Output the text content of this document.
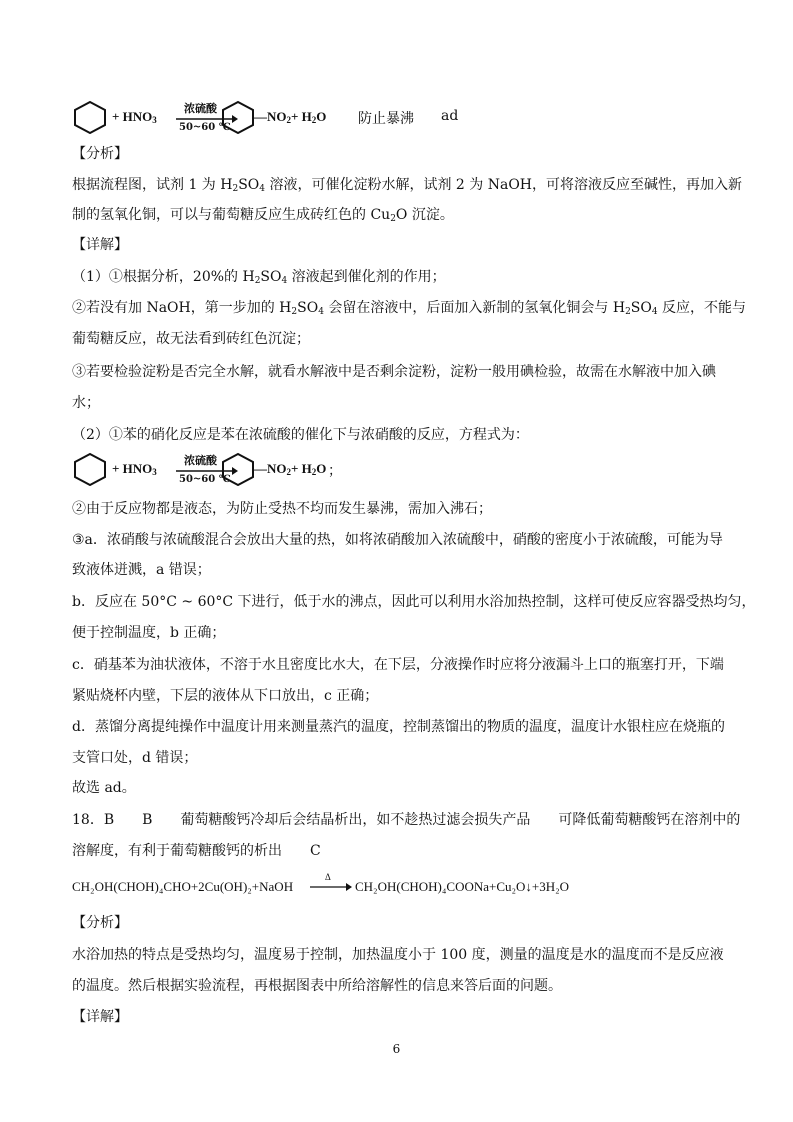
+ $HNO_3$
浓硫酸
50~60 ℃
$—NO_2+ H_2O$ 防止暴沸 ad
【分析】
根据流程图，试剂 1 为 $H_2SO_4$ 溶液，可催化淀粉水解，试剂 2 为 NaOH，可将溶液反应至碱性，再加入新
制的氢氧化铜，可以与葡萄糖反应生成砖红色的 $Cu_2O$ 沉淀。
【详解】
（1）①根据分析，20%的 $H_2SO_4$ 溶液起到催化剂的作用；
②若没有加 NaOH，第一步加的 $H_2SO_4$ 会留在溶液中，后面加入新制的氢氧化铜会与 $H_2SO_4$ 反应，不能与
葡萄糖反应，故无法看到砖红色沉淀；
③若要检验淀粉是否完全水解，就看水解液中是否剩余淀粉，淀粉一般用碘检验，故需在水解液中加入碘
水；
（2）①苯的硝化反应是苯在浓硫酸的催化下与浓硝酸的反应，方程式为：
+ $HNO_3$
浓硫酸
50~60 ℃
$—NO_2+ H_2O$ ；
②由于反应物都是液态，为防止受热不均而发生暴沸，需加入沸石；
③a．浓硝酸与浓硫酸混合会放出大量的热，如将浓硝酸加入浓硫酸中，硝酸的密度小于浓硫酸，可能为导
致液体迸溅，a 错误；
b．反应在 50°C ~ 60°C 下进行，低于水的沸点，因此可以利用水浴加热控制，这样可使反应容器受热均匀，
便于控制温度，b 正确；
c．硝基苯为油状液体，不溶于水且密度比水大，在下层，分液操作时应将分液漏斗上口的瓶塞打开，下端
紧贴烧杯内壁，下层的液体从下口放出，c 正确；
d．蒸馏分离提纯操作中温度计用来测量蒸汽的温度，控制蒸馏出的物质的温度，温度计水银柱应在烧瓶的
支管口处，d 错误；
故选 ad。
18．B　　B　　葡萄糖酸钙冷却后会结晶析出，如不趁热过滤会损失产品　　可降低葡萄糖酸钙在溶剂中的
溶解度，有利于葡萄糖酸钙的析出　　C
CH₂OH(CHOH)₄CHO+2Cu(OH)₂+NaOH
Δ
→ CH₂OH(CHOH)₄COONa+Cu₂O↓+3H₂O
【分析】
水浴加热的特点是受热均匀，温度易于控制，加热温度小于 100 度，测量的温度是水的温度而不是反应液
的温度。然后根据实验流程，再根据图表中所给溶解性的信息来答后面的问题。
【详解】
6
